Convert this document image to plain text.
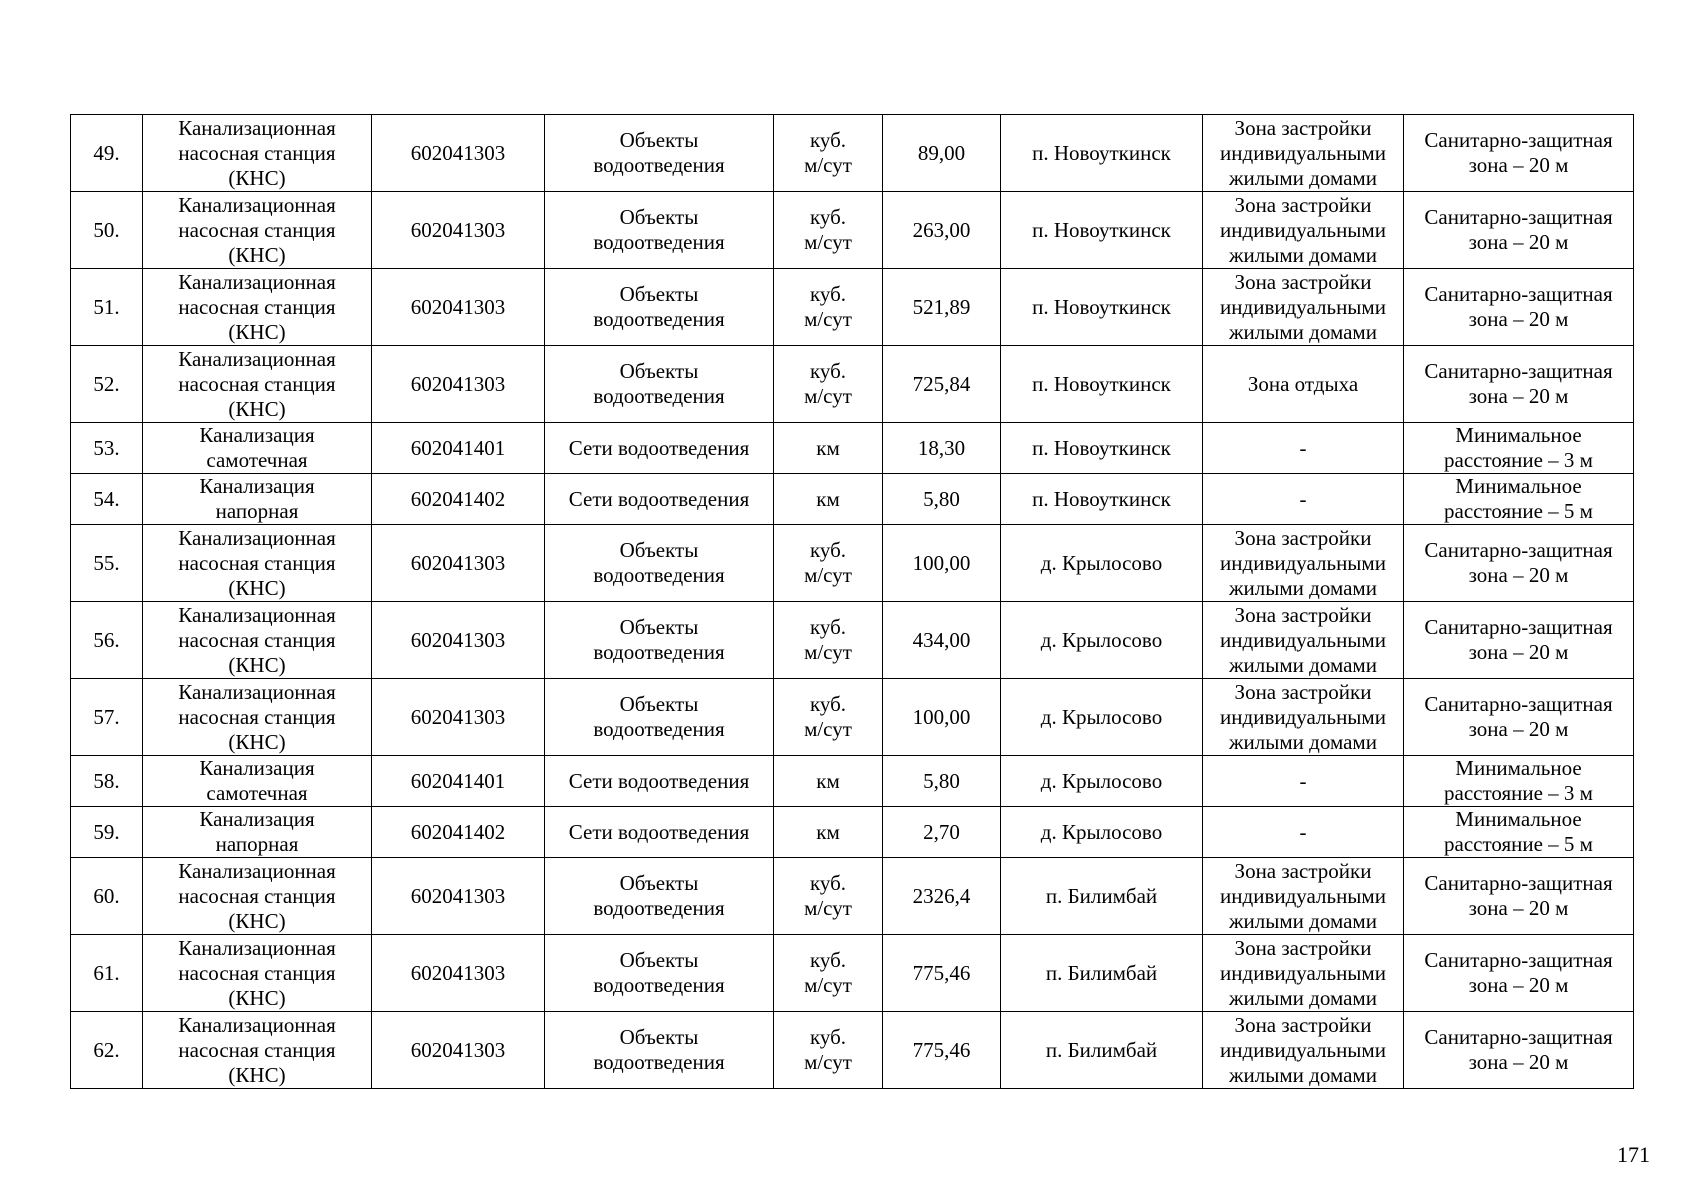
49.	Канализационная
насосная станция
(КНС)	602041303	Объекты
водоотведения	куб.
м/сут	89,00	п. Новоуткинск	Зона застройки
индивидуальными
жилыми домами	Санитарно-защитная
зона – 20 м

50.	Канализационная
насосная станция
(КНС)	602041303	Объекты
водоотведения	куб.
м/сут	263,00	п. Новоуткинск	Зона застройки
индивидуальными
жилыми домами	Санитарно-защитная
зона – 20 м

51.	Канализационная
насосная станция
(КНС)	602041303	Объекты
водоотведения	куб.
м/сут	521,89	п. Новоуткинск	Зона застройки
индивидуальными
жилыми домами	Санитарно-защитная
зона – 20 м

52.	Канализационная
насосная станция
(КНС)	602041303	Объекты
водоотведения	куб.
м/сут	725,84	п. Новоуткинск	Зона отдыха	Санитарно-защитная
зона – 20 м

53.	Канализация
самотечная	602041401	Сети водоотведения	км	18,30	п. Новоуткинск	-	Минимальное
расстояние – 3 м

54.	Канализация
напорная	602041402	Сети водоотведения	км	5,80	п. Новоуткинск	-	Минимальное
расстояние – 5 м

55.	Канализационная
насосная станция
(КНС)	602041303	Объекты
водоотведения	куб.
м/сут	100,00	д. Крылосово	Зона застройки
индивидуальными
жилыми домами	Санитарно-защитная
зона – 20 м

56.	Канализационная
насосная станция
(КНС)	602041303	Объекты
водоотведения	куб.
м/сут	434,00	д. Крылосово	Зона застройки
индивидуальными
жилыми домами	Санитарно-защитная
зона – 20 м

57.	Канализационная
насосная станция
(КНС)	602041303	Объекты
водоотведения	куб.
м/сут	100,00	д. Крылосово	Зона застройки
индивидуальными
жилыми домами	Санитарно-защитная
зона – 20 м

58.	Канализация
самотечная	602041401	Сети водоотведения	км	5,80	д. Крылосово	-	Минимальное
расстояние – 3 м

59.	Канализация
напорная	602041402	Сети водоотведения	км	2,70	д. Крылосово	-	Минимальное
расстояние – 5 м

60.	Канализационная
насосная станция
(КНС)	602041303	Объекты
водоотведения	куб.
м/сут	2326,4	п. Билимбай	Зона застройки
индивидуальными
жилыми домами	Санитарно-защитная
зона – 20 м

61.	Канализационная
насосная станция
(КНС)	602041303	Объекты
водоотведения	куб.
м/сут	775,46	п. Билимбай	Зона застройки
индивидуальными
жилыми домами	Санитарно-защитная
зона – 20 м

62.	Канализационная
насосная станция
(КНС)	602041303	Объекты
водоотведения	куб.
м/сут	775,46	п. Билимбай	Зона застройки
индивидуальными
жилыми домами	Санитарно-защитная
зона – 20 м
171
